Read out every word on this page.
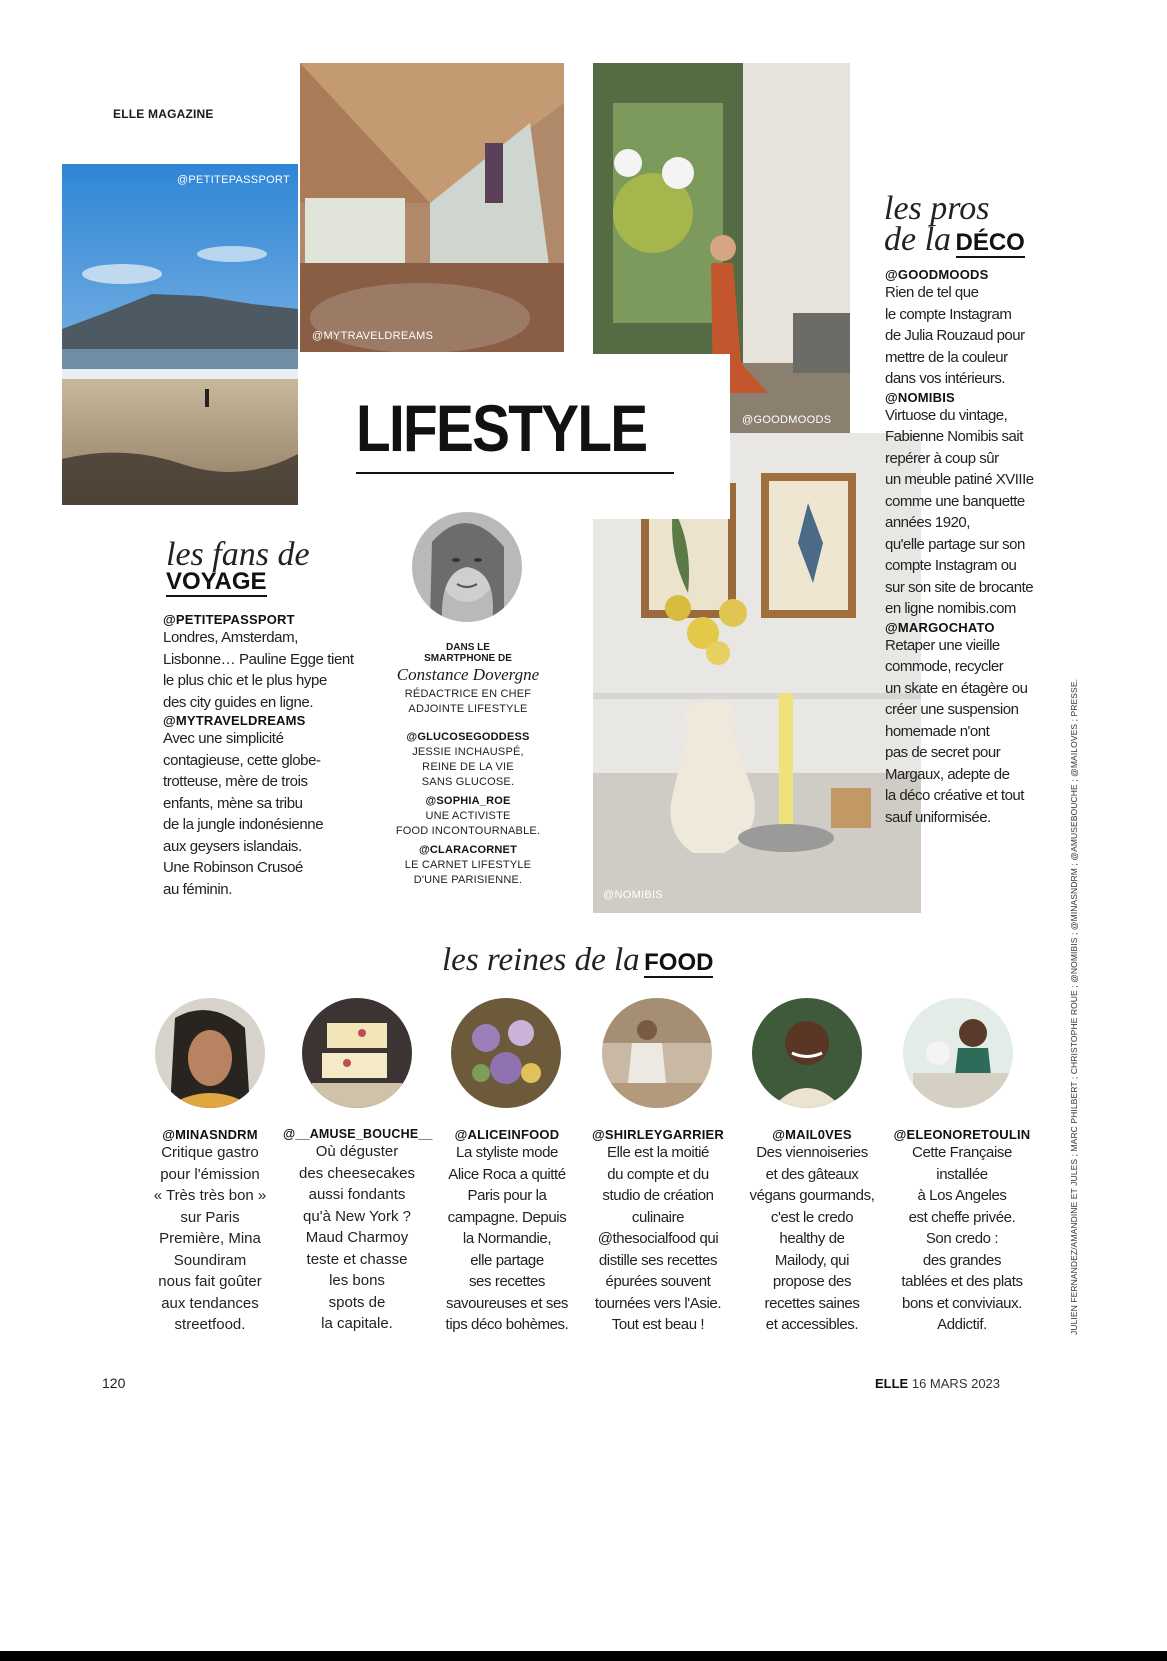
ELLE MAGAZINE
@PETITEPASSPORT
@MYTRAVELDREAMS
@NOMIBIS
LIFESTYLE	@GOODMOODS
les fans de
VOYAGE
@PETITEPASSPORT
Londres, Amsterdam,
Lisbonne… Pauline Egge tient
le plus chic et le plus hype
des city guides en ligne.
@MYTRAVELDREAMS
Avec une simplicité
contagieuse, cette globe-
trotteuse, mère de trois
enfants, mène sa tribu
de la jungle indonésienne
aux geysers islandais.
Une Robinson Crusoé
au féminin.
DANS LE
SMARTPHONE DE
Constance Dovergne
RÉDACTRICE EN CHEF
ADJOINTE LIFESTYLE
@GLUCOSEGODDESS
JESSIE INCHAUSPÉ,
REINE DE LA VIE
SANS GLUCOSE.
@SOPHIA_ROE
UNE ACTIVISTE
FOOD INCONTOURNABLE.
@CLARACORNET
LE CARNET LIFESTYLE
D'UNE PARISIENNE.
les pros
de la DÉCO
@GOODMOODS
Rien de tel que
le compte Instagram
de Julia Rouzaud pour
mettre de la couleur
dans vos intérieurs.
@NOMIBIS
Virtuose du vintage,
Fabienne Nomibis sait
repérer à coup sûr
un meuble patiné XVIIIe
comme une banquette
années 1920,
qu'elle partage sur son
compte Instagram ou
sur son site de brocante
en ligne nomibis.com
@MARGOCHATO
Retaper une vieille
commode, recycler
un skate en étagère ou
créer une suspension
homemade n'ont
pas de secret pour
Margaux, adepte de
la déco créative et tout
sauf uniformisée.	JULIEN FERNANDEZ/AMANDINE ET JULES ; MARC PHILBERT ; CHRISTOPHE ROUE ; @NOMIBIS ; @MINASNDRM ; @AMUSEBOUCHE ; @MAILOVES ; PRESSE.
les reines de la FOOD
@MINASNDRM
Critique gastro
pour l'émission
« Très très bon »
sur Paris
Première, Mina
Soundiram
nous fait goûter
aux tendances
streetfood.
@__AMUSE_BOUCHE__
Où déguster
des cheesecakes
aussi fondants
qu'à New York ?
Maud Charmoy
teste et chasse
les bons
spots de
la capitale.
@ALICEINFOOD
La styliste mode
Alice Roca a quitté
Paris pour la
campagne. Depuis
la Normandie,
elle partage
ses recettes
savoureuses et ses
tips déco bohèmes.
@SHIRLEYGARRIER
Elle est la moitié
du compte et du
studio de création
culinaire
@thesocialfood qui
distille ses recettes
épurées souvent
tournées vers l'Asie.
Tout est beau !
@MAIL0VES
Des viennoiseries
et des gâteaux
végans gourmands,
c'est le credo
healthy de
Mailody, qui
propose des
recettes saines
et accessibles.
@ELEONORETOULIN
Cette Française
installée
à Los Angeles
est cheffe privée.
Son credo :
des grandes
tablées et des plats
bons et conviviaux.
Addictif.
120	ELLE 16 MARS 2023
